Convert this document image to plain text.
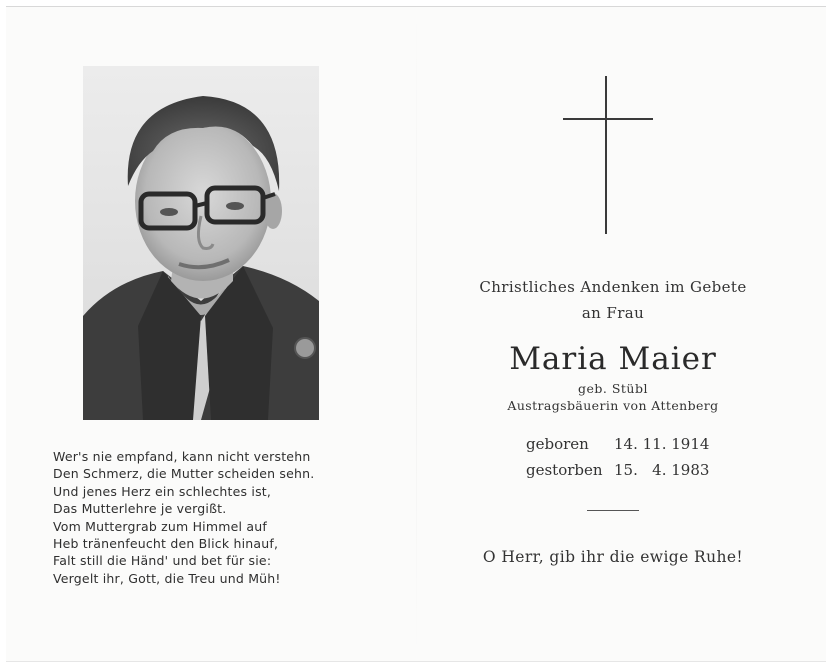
Wer's nie empfand, kann nicht verstehn
Den Schmerz, die Mutter scheiden sehn.
Und jenes Herz ein schlechtes ist,
Das Mutterlehre je vergißt.
Vom Muttergrab zum Himmel auf
Heb tränenfeucht den Blick hinauf,
Falt still die Händ' und bet für sie:
Vergelt ihr, Gott, die Treu und Müh!
Christliches Andenken im Gebete
an Frau
Maria Maier
geb. Stübl
Austragsbäuerin von Attenberg
geboren 14. 11. 1914
gestorben 15.   4. 1983
O Herr, gib ihr die ewige Ruhe!
